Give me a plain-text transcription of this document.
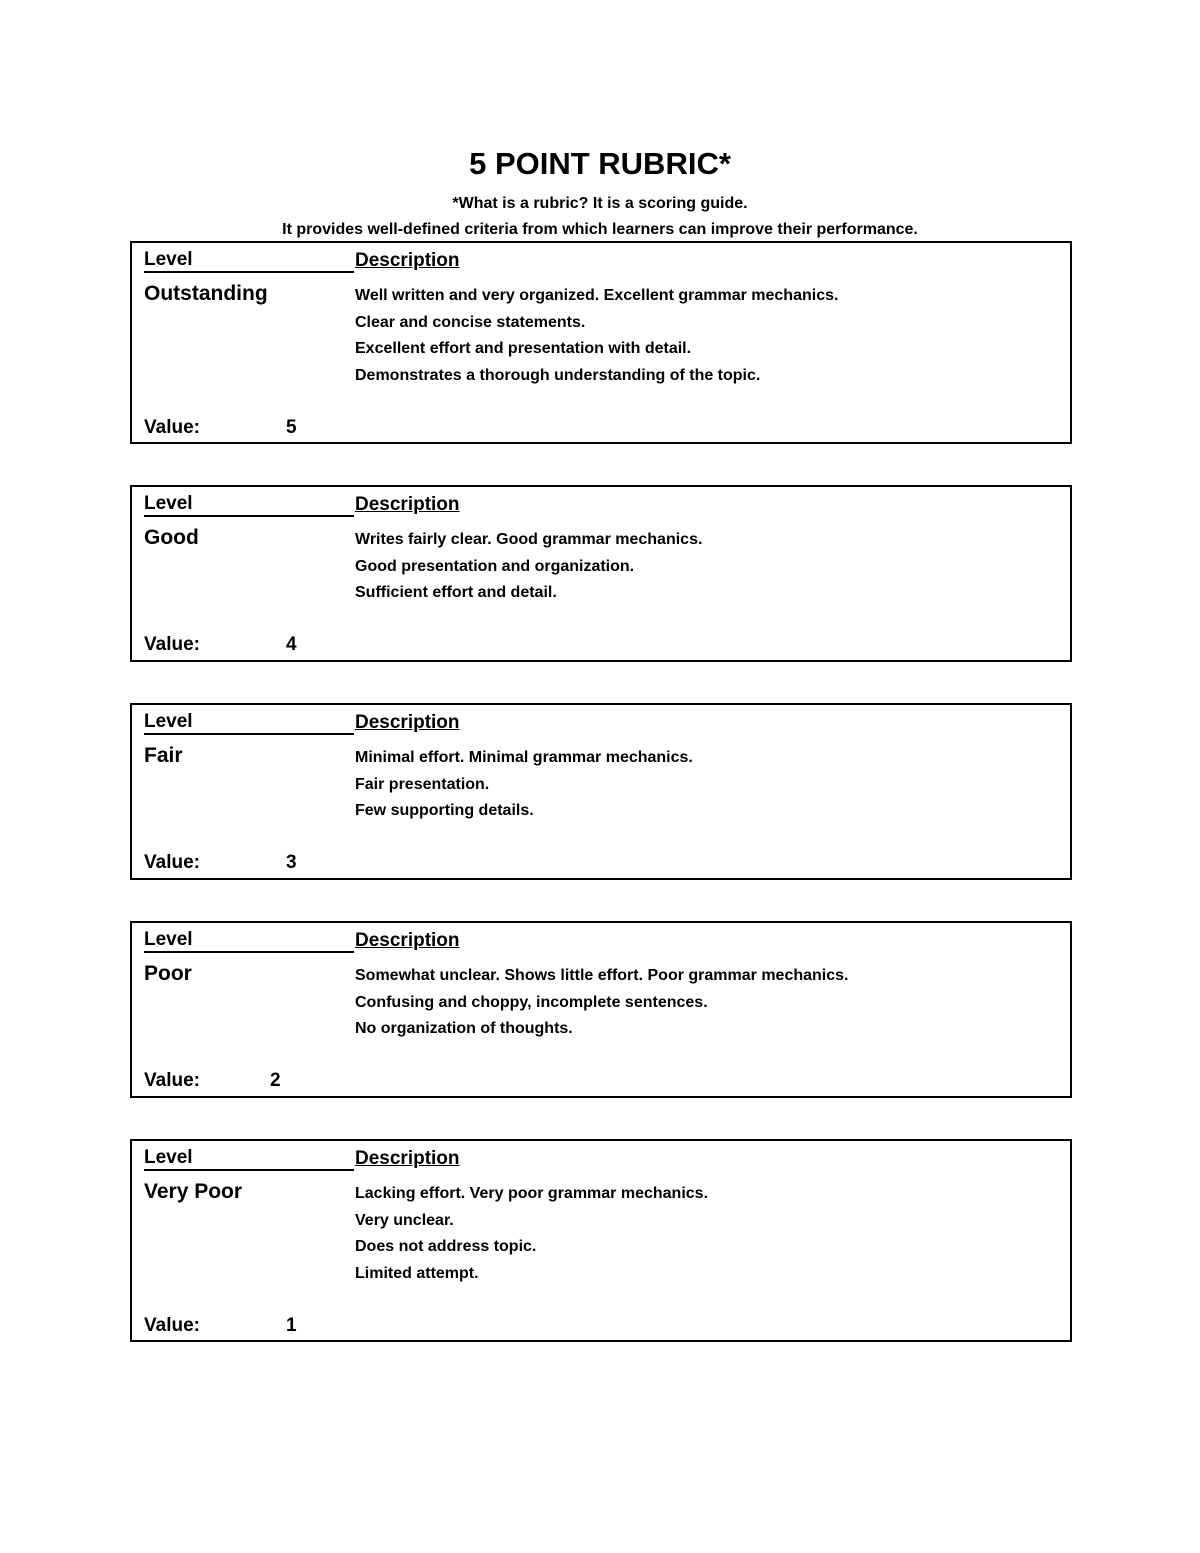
5 POINT RUBRIC*
*What is a rubric? It is a scoring guide.
It provides well-defined criteria from which learners can improve their performance.
Level	Description
Outstanding	Well written and very organized. Excellent grammar mechanics.
Clear and concise statements.
Excellent effort and presentation with detail.
Demonstrates a thorough understanding of the topic.
Value:	5
Level	Description
Good	Writes fairly clear. Good grammar mechanics.
Good presentation and organization.
Sufficient effort and detail.
Value:	4
Level	Description
Fair	Minimal effort. Minimal grammar mechanics.
Fair presentation.
Few supporting details.
Value:	3
Level	Description
Poor	Somewhat unclear. Shows little effort. Poor grammar mechanics.
Confusing and choppy, incomplete sentences.
No organization of thoughts.
Value:	2
Level	Description
Very Poor	Lacking effort. Very poor grammar mechanics.
Very unclear.
Does not address topic.
Limited attempt.
Value:	1
